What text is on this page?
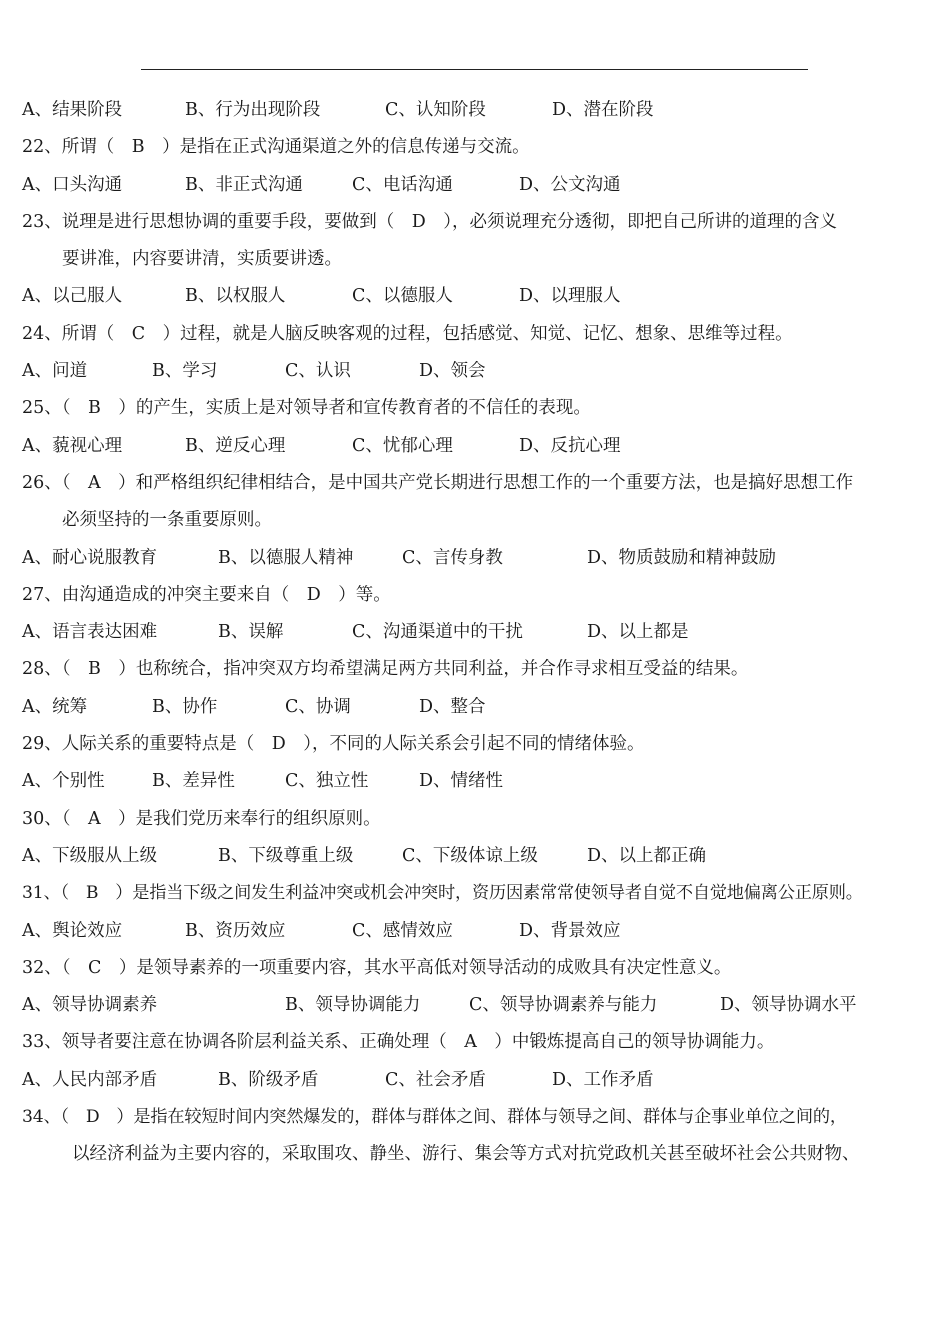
A、结果阶段	B、行为出现阶段	C、认知阶段	D、潜在阶段
22、所谓（　B　）是指在正式沟通渠道之外的信息传递与交流。
A、口头沟通	B、非正式沟通	C、电话沟通	D、公文沟通
23、说理是进行思想协调的重要手段，要做到（　D　），必须说理充分透彻，即把自己所讲的道理的含义
要讲准，内容要讲清，实质要讲透。
A、以己服人	B、以权服人	C、以德服人	D、以理服人
24、所谓（　C　）过程，就是人脑反映客观的过程，包括感觉、知觉、记忆、想象、思维等过程。
A、问道	B、学习	C、认识	D、领会
25、（　B　）的产生，实质上是对领导者和宣传教育者的不信任的表现。
A、藐视心理	B、逆反心理	C、忧郁心理	D、反抗心理
26、（　A　）和严格组织纪律相结合，是中国共产党长期进行思想工作的一个重要方法，也是搞好思想工作
必须坚持的一条重要原则。
A、耐心说服教育	B、以德服人精神	C、言传身教	D、物质鼓励和精神鼓励
27、由沟通造成的冲突主要来自（　D　）等。
A、语言表达困难	B、误解	C、沟通渠道中的干扰	D、以上都是
28、（　B　）也称统合，指冲突双方均希望满足两方共同利益，并合作寻求相互受益的结果。
A、统筹	B、协作	C、协调	D、整合
29、人际关系的重要特点是（　D　），不同的人际关系会引起不同的情绪体验。
A、个别性	B、差异性	C、独立性	D、情绪性
30、（　A　）是我们党历来奉行的组织原则。
A、下级服从上级	B、下级尊重上级	C、下级体谅上级	D、以上都正确
31、（　B　）是指当下级之间发生利益冲突或机会冲突时，资历因素常常使领导者自觉不自觉地偏离公正原则。
A、舆论效应	B、资历效应	C、感情效应	D、背景效应
32、（　C　）是领导素养的一项重要内容，其水平高低对领导活动的成败具有决定性意义。
A、领导协调素养	B、领导协调能力	C、领导协调素养与能力	D、领导协调水平
33、领导者要注意在协调各阶层利益关系、正确处理（　A　）中锻炼提高自己的领导协调能力。
A、人民内部矛盾	B、阶级矛盾	C、社会矛盾	D、工作矛盾
34、（　D　）是指在较短时间内突然爆发的，群体与群体之间、群体与领导之间、群体与企事业单位之间的，
以经济利益为主要内容的，采取围攻、静坐、游行、集会等方式对抗党政机关甚至破坏社会公共财物、
